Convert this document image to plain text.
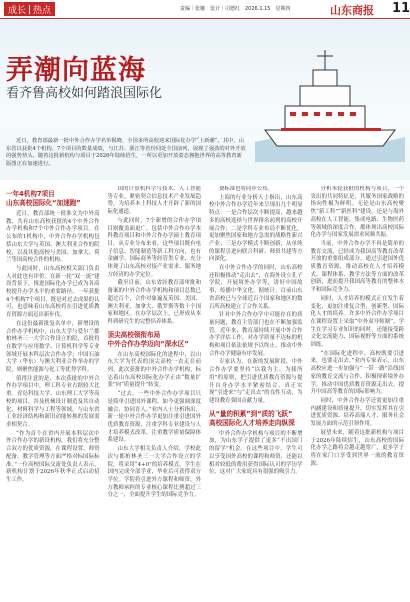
成长 热点	责编｜张娜　设计｜司德红　2026.1.15　星期四	山东商报 11
弄潮向蓝海
看齐鲁高校如何踏浪国际化

近日，教育部最新一批中外合作办学名单揭晓，全国多所高校迎来国际化办学“上新潮”。其中，山东省以获批4个机构、7个项目的数量成绩，与江苏、浙江等省份同处全国前列，展现了强劲的对外开放的强势势头。随着这批新机构与项目于2026年陆续招生，一所以更加开放姿态拥抱世界的高等教育新版图正在加速进行。

一年4机构7项目
山东高校国际化“加速跑”

近日，教育部统一批准文为中外高教，共有山东高校获批的4个中外合作办学机构和7个中外合作办学项目。在公布的1机构中，中外合作办学机构包括山东大学与英国、澳大利亚合作的院校，以及其他高校与美国、加拿大、荷兰等国高校合作的机构。

与此同时，山东高校相关部门负责人对此也有评价。在新一轮“双一流”建设背景下，推进国际化办学已成为各高校提升办学水平的重要路径。一年获批4个机构7个项目，既是对过去成果的认可，也意味着山东高校将在引进优质教育资源方面迈出新步伐。

在这份最新批复名单中，新增设的合作办学机构中，山东大学与爱尔兰都柏林圣三一大学合作设立的院，首批将在数学与应用数学、计算机科学等专业领域开展本科层次合作办学；中国石油大学（华东）与澳大利亚合作举办的学院，则聚焦能源与化工等优势学科。

值得注意的是，本次获批的中外合作办学项目中，理工科专业占据较大比重。青岛科技大学、山东理工大学等高校的项目，涉及机械设计制造及其自动化、材料科学与工程等领域，与山东省工业经济结构和新旧动能转换的发展需求相契合。

“作为首个在省内开展本科层次中外合作办学的新设机构，我们将充分整合双方的优质资源，在课程设置、师资配备、教学管理等方面严格对标国际标准。”一位高校国际交流处负责人表示，新机构计划于2026年秋季正式启动招生工作。

国的计算机科学与技术、人工智能等专业，紧密契合信息技术产业发展趋势，为培养本土科技人才开辟了新的国际化通道。

与此同时，7个新增的合作办学项目则覆盖面更广，包括中外合作办学本科教育项目和中外合作办学硕士教育项目。从专业分布来看，这些项目既有电子信息、智能制造等新工科方向，也有金融学、国际商务等经管类专业，充分体现了山东高校对接产业需求、服务地方经济的办学定位。

截至目前，山东省经教育部审批和备案的中外合作办学机构和项目总数已超过百个，合作对象遍及英国、美国、澳大利亚、加拿大、俄罗斯等数十个国家和地区。在办学层次上，已形成从本科到研究生的完整培养体系。

顶尖高校领衔布局
中外合作办学迈向“深水区”

在山东高校国际化的进程中，以山东大学为代表的顶尖高校一直走在前列。此次获批的中外合作办学机构，标志着山东高校国际化办学正由“数量扩张”向“质量提升”转变。

“过去，一些中外合作办学项目只是简单引进国外课程，如今更强调深度融合、协同育人。”业内人士分析指出，新一轮中外合作办学更加注重引进国外优质教育资源，注重学科专业建设与人才培养模式改革，注重教学质量保障体系建设。

山东大学相关负责人介绍，学校此次与都柏林圣三一大学合作设立的学院，将采用“4+0”的培养模式，学生在国内完成全部学业，毕业后可获得双方学位。学院将引进外方课程和师资，外方教师承担的专业核心课程比例超过三分之一，全面提升学生的国际竞争力。

费标准也将同步公布。

上海的行业分析人士指出，山东高校中外合作办学近年来呈现出几个明显特点：一是合作层次不断提高，越来越多的高校选择与世界排名前列的高校开展合作；二是学科专业布局不断优化，更加聚焦国家和地方急需的战略性新兴产业；三是办学模式不断创新，从单纯的课程引进向联合科研、师资共建等方向深化。

在中外合作办学的同时，山东高校还积极推动“走出去”，在海外设立孔子学院、开展境外办学等，讲好中国故事，传播中华文化。据统计，目前山东省高校已与全球近百个国家和地区的数百所高校建立了合作关系。

针对中外合作办学中可能存在的质量问题，教育主管部门也在不断加强监管。近年来，教育部持续开展中外合作办学评估工作，对办学质量不达标的机构和项目依法依规予以终止，推动中外合作办学健康有序发展。

专家认为，在新的发展阶段，中外合作办学要坚持“以我为主、为我所用”的原则，把引进优质教育资源与提升自身办学水平紧密结合，真正实现“引进来”与“走出去”的良性互动，为建设教育强国贡献力量。

从“量的积累”到“质的飞跃”
高校国际化人才培养走向纵深

中外合作办学机构与项目的不断增加，为山东学子提供了更多“不出国门的留学”机会。在这些项目中，学生可以享受国外高校的课程和师资，还能以相对较低的费用获得国际认可的学历学位，这对广大家庭具有很强的吸引力。

分析本轮获批的机构与项目，一个突出的共同特征是，其服务国家战略的指向性极为鲜明。无论是山东高校聚焦“新工科”“新医科”建设，还是与海外高校在人工智能、集成电路、生物医药等领域的深度合作，都体现出高校国际化办学与国家发展需求同频共振。

当前，中外合作办学不再是简单的教育交流，已经成为我国高等教育改革开放的重要组成部分。通过引进国外优质教育资源，推动高校在人才培养模式、课程体系、教学方法等方面的改革创新，进而提升我国高等教育的整体水平和国际竞争力。

同时，人才培养的模式正在发生着变化，更加注重复合型、创新型、国际化人才的培养。许多中外合作办学项目在课程设置上采取“中外双导师制”，学生在学习专业知识的同时，还能接受跨文化交流能力、国际视野等方面的系统训练。

“在国际化进程中，高校既要引进来，也要走出去。”业内专家表示，山东高校应进一步加强与“一带一路”沿线国家的教育交流与合作，积极探索境外办学，推动中国优质教育资源走出去，提升中国高等教育的国际影响力。

同时，中外合作办学还需更加注重内涵建设和质量提升，切实发挥其在引进优质资源、培养高端人才、服务社会发展方面的示范引领作用。

展望未来，随着这批新机构与项目于2026年陆续招生，山东高校的国际化办学之路将会越走越宽广，更多学子将在家门口享受到世界一流的教育资源。
